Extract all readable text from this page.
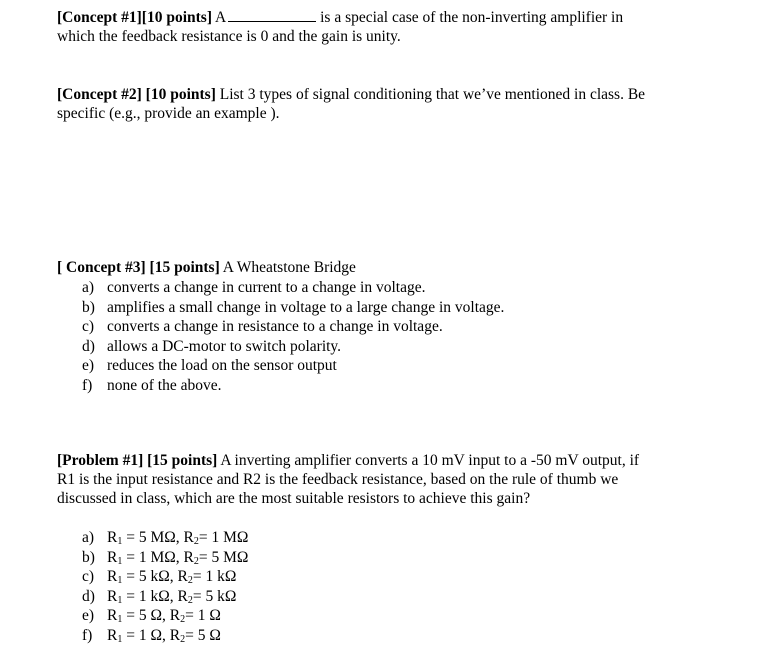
[Concept #1][10 points] A	is a special case of the non-inverting amplifier in
which the feedback resistance is 0 and the gain is unity.
[Concept #2] [10 points] List 3 types of signal conditioning that we’ve mentioned in class. Be
specific (e.g., provide an example ).
[ Concept #3] [15 points] A Wheatstone Bridge
a) converts a change in current to a change in voltage.
b) amplifies a small change in voltage to a large change in voltage.
c) converts a change in resistance to a change in voltage.
d) allows a DC-motor to switch polarity.
e) reduces the load on the sensor output
f) none of the above.
[Problem #1] [15 points] A inverting amplifier converts a 10 mV input to a -50 mV output, if
R1 is the input resistance and R2 is the feedback resistance, based on the rule of thumb we
discussed in class, which are the most suitable resistors to achieve this gain?
a) $R_1 = 5$ MΩ, $R_2= 1$ MΩ
b) $R_1 = 1$ MΩ, $R_2= 5$ MΩ
c) $R_1 = 5$ kΩ, $R_2= 1$ kΩ
d) $R_1 = 1$ kΩ, $R_2= 5$ kΩ
e) $R_1 = 5$ Ω, $R_2= 1$ Ω
f) $R_1 = 1$ Ω, $R_2= 5$ Ω
